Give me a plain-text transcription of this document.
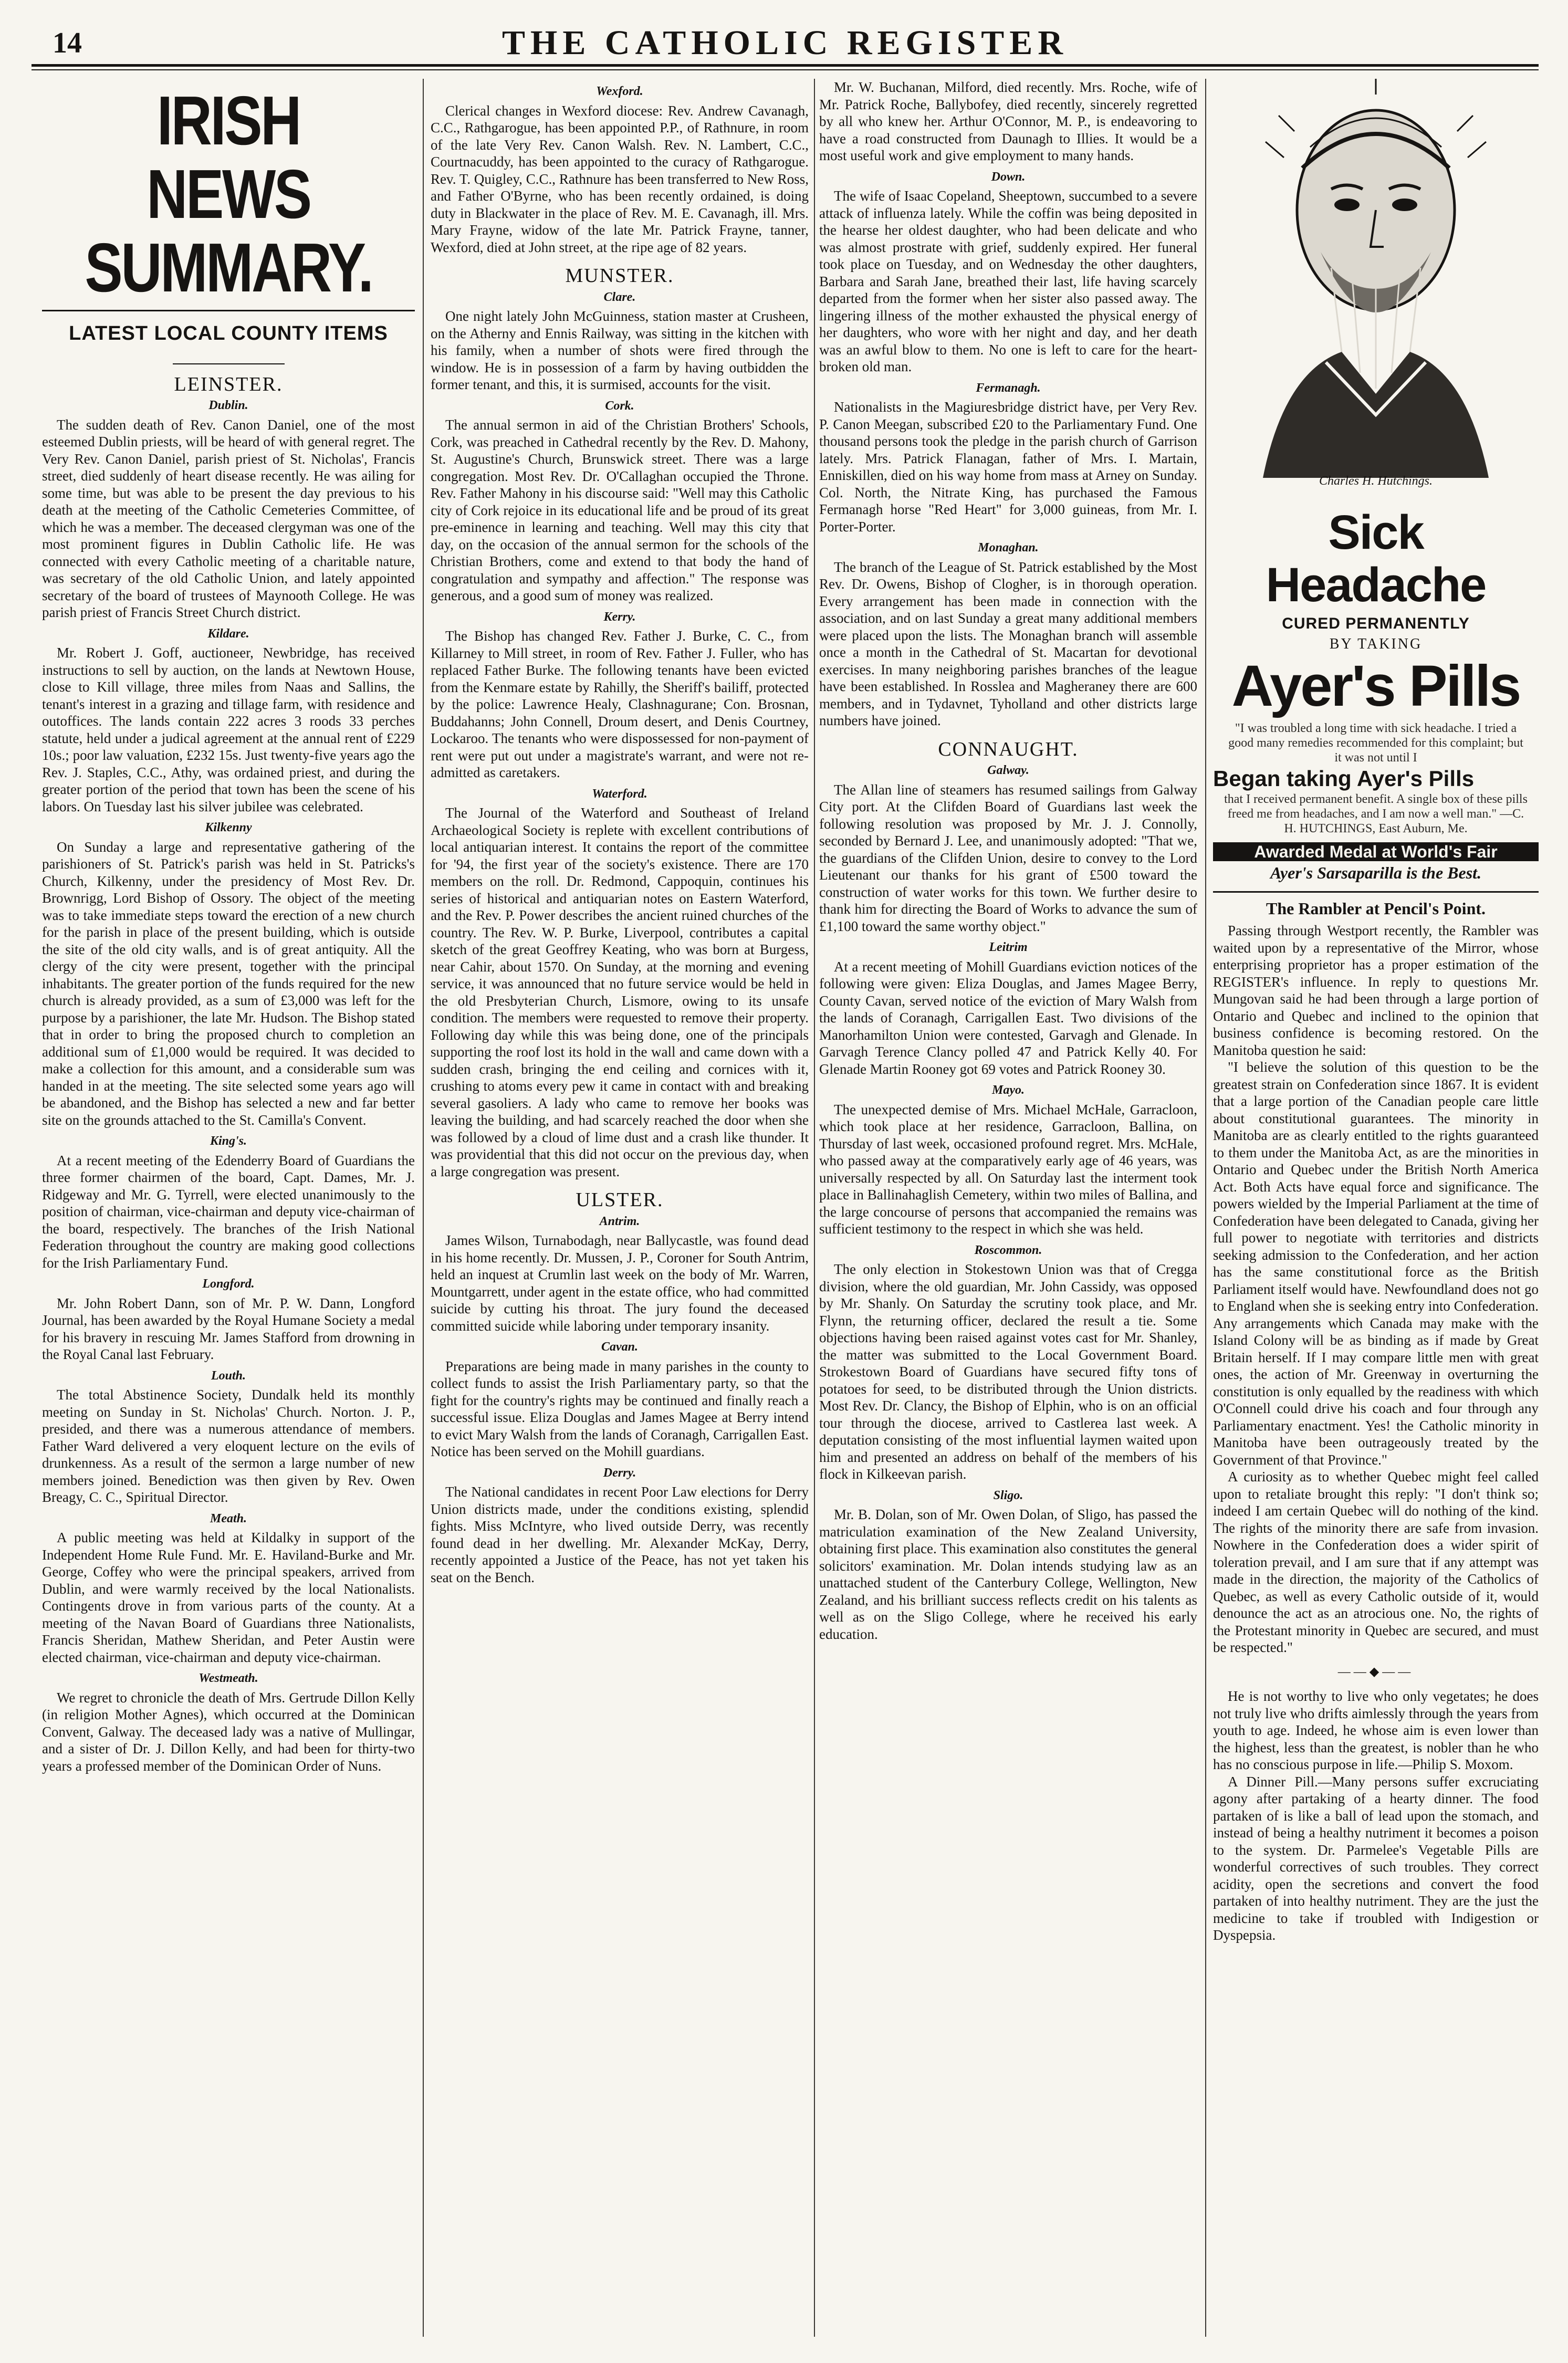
14	THE CATHOLIC REGISTER
IRISH NEWS SUMMARY.
LATEST LOCAL COUNTY ITEMS
LEINSTER.
Dublin.

The sudden death of Rev. Canon Daniel, one of the most esteemed Dublin priests, will be heard of with general regret. The Very Rev. Canon Daniel, parish priest of St. Nicholas', Francis street, died suddenly of heart disease recently. He was ailing for some time, but was able to be present the day previous to his death at the meeting of the Catholic Cemeteries Committee, of which he was a member. The deceased clergyman was one of the most prominent figures in Dublin Catholic life. He was connected with every Catholic meeting of a charitable nature, was secretary of the old Catholic Union, and lately appointed secretary of the board of trustees of Maynooth College. He was parish priest of Francis Street Church district.

Kildare.

Mr. Robert J. Goff, auctioneer, Newbridge, has received instructions to sell by auction, on the lands at Newtown House, close to Kill village, three miles from Naas and Sallins, the tenant's interest in a grazing and tillage farm, with residence and outoffices. The lands contain 222 acres 3 roods 33 perches statute, held under a judical agreement at the annual rent of £229 10s.; poor law valuation, £232 15s. Just twenty-five years ago the Rev. J. Staples, C.C., Athy, was ordained priest, and during the greater portion of the period that town has been the scene of his labors. On Tuesday last his silver jubilee was celebrated.

Kilkenny

On Sunday a large and representative gathering of the parishioners of St. Patrick's parish was held in St. Patricks's Church, Kilkenny, under the presidency of Most Rev. Dr. Brownrigg, Lord Bishop of Ossory. The object of the meeting was to take immediate steps toward the erection of a new church for the parish in place of the present building, which is outside the site of the old city walls, and is of great antiquity. All the clergy of the city were present, together with the principal inhabitants. The greater portion of the funds required for the new church is already provided, as a sum of £3,000 was left for the purpose by a parishioner, the late Mr. Hudson. The Bishop stated that in order to bring the proposed church to completion an additional sum of £1,000 would be required. It was decided to make a collection for this amount, and a considerable sum was handed in at the meeting. The site selected some years ago will be abandoned, and the Bishop has selected a new and far better site on the grounds attached to the St. Camilla's Convent.

King's.

At a recent meeting of the Edenderry Board of Guardians the three former chairmen of the board, Capt. Dames, Mr. J. Ridgeway and Mr. G. Tyrrell, were elected unanimously to the position of chairman, vice-chairman and deputy vice-chairman of the board, respectively. The branches of the Irish National Federation throughout the country are making good collections for the Irish Parliamentary Fund.

Longford.

Mr. John Robert Dann, son of Mr. P. W. Dann, Longford Journal, has been awarded by the Royal Humane Society a medal for his bravery in rescuing Mr. James Stafford from drowning in the Royal Canal last February.

Louth.

The total Abstinence Society, Dundalk held its monthly meeting on Sunday in St. Nicholas' Church. Norton. J. P., presided, and there was a numerous attendance of members. Father Ward delivered a very eloquent lecture on the evils of drunkenness. As a result of the sermon a large number of new members joined. Benediction was then given by Rev. Owen Breagy, C. C., Spiritual Director.

Meath.

A public meeting was held at Kildalky in support of the Independent Home Rule Fund. Mr. E. Haviland-Burke and Mr. George, Coffey who were the principal speakers, arrived from Dublin, and were warmly received by the local Nationalists. Contingents drove in from various parts of the county. At a meeting of the Navan Board of Guardians three Nationalists, Francis Sheridan, Mathew Sheridan, and Peter Austin were elected chairman, vice-chairman and deputy vice-chairman.

Westmeath.

We regret to chronicle the death of Mrs. Gertrude Dillon Kelly (in religion Mother Agnes), which occurred at the Dominican Convent, Galway. The deceased lady was a native of Mullingar, and a sister of Dr. J. Dillon Kelly, and had been for thirty-two years a professed member of the Dominican Order of Nuns.

Wexford.

Clerical changes in Wexford diocese: Rev. Andrew Cavanagh, C.C., Rathgarogue, has been appointed P.P., of Rathnure, in room of the late Very Rev. Canon Walsh. Rev. N. Lambert, C.C., Courtnacuddy, has been appointed to the curacy of Rathgarogue. Rev. T. Quigley, C.C., Rathnure has been transferred to New Ross, and Father O'Byrne, who has been recently ordained, is doing duty in Blackwater in the place of Rev. M. E. Cavanagh, ill. Mrs. Mary Frayne, widow of the late Mr. Patrick Frayne, tanner, Wexford, died at John street, at the ripe age of 82 years.

MUNSTER.
Clare.

One night lately John McGuinness, station master at Crusheen, on the Atherny and Ennis Railway, was sitting in the kitchen with his family, when a number of shots were fired through the window. He is in possession of a farm by having outbidden the former tenant, and this, it is surmised, accounts for the visit.

Cork.

The annual sermon in aid of the Christian Brothers' Schools, Cork, was preached in Cathedral recently by the Rev. D. Mahony, St. Augustine's Church, Brunswick street. There was a large congregation. Most Rev. Dr. O'Callaghan occupied the Throne. Rev. Father Mahony in his discourse said: "Well may this Catholic city of Cork rejoice in its educational life and be proud of its great pre-eminence in learning and teaching. Well may this city that day, on the occasion of the annual sermon for the schools of the Christian Brothers, come and extend to that body the hand of congratulation and sympathy and affection." The response was generous, and a good sum of money was realized.

Kerry.

The Bishop has changed Rev. Father J. Burke, C. C., from Killarney to Mill street, in room of Rev. Father J. Fuller, who has replaced Father Burke. The following tenants have been evicted from the Kenmare estate by Rahilly, the Sheriff's bailiff, protected by the police: Lawrence Healy, Clashnagurane; Con. Brosnan, Buddahanns; John Connell, Droum desert, and Denis Courtney, Lockaroo. The tenants who were dispossessed for non-payment of rent were put out under a magistrate's warrant, and were not re-admitted as caretakers.

Waterford.

The Journal of the Waterford and Southeast of Ireland Archaeological Society is replete with excellent contributions of local antiquarian interest. It contains the report of the committee for '94, the first year of the society's existence. There are 170 members on the roll. Dr. Redmond, Cappoquin, continues his series of historical and antiquarian notes on Eastern Waterford, and the Rev. P. Power describes the ancient ruined churches of the country. The Rev. W. P. Burke, Liverpool, contributes a capital sketch of the great Geoffrey Keating, who was born at Burgess, near Cahir, about 1570. On Sunday, at the morning and evening service, it was announced that no future service would be held in the old Presbyterian Church, Lismore, owing to its unsafe condition. The members were requested to remove their property. Following day while this was being done, one of the principals supporting the roof lost its hold in the wall and came down with a sudden crash, bringing the end ceiling and cornices with it, crushing to atoms every pew it came in contact with and breaking several gasoliers. A lady who came to remove her books was leaving the building, and had scarcely reached the door when she was followed by a cloud of lime dust and a crash like thunder. It was providential that this did not occur on the previous day, when a large congregation was present.

ULSTER.
Antrim.

James Wilson, Turnabodagh, near Ballycastle, was found dead in his home recently. Dr. Mussen, J. P., Coroner for South Antrim, held an inquest at Crumlin last week on the body of Mr. Warren, Mountgarrett, under agent in the estate office, who had committed suicide by cutting his throat. The jury found the deceased committed suicide while laboring under temporary insanity.

Cavan.

Preparations are being made in many parishes in the county to collect funds to assist the Irish Parliamentary party, so that the fight for the country's rights may be continued and finally reach a successful issue. Eliza Douglas and James Magee at Berry intend to evict Mary Walsh from the lands of Coranagh, Carrigallen East. Notice has been served on the Mohill guardians.

Derry.

The National candidates in recent Poor Law elections for Derry Union districts made, under the conditions existing, splendid fights. Miss McIntyre, who lived outside Derry, was recently found dead in her dwelling. Mr. Alexander McKay, Derry, recently appointed a Justice of the Peace, has not yet taken his seat on the Bench.

Mr. W. Buchanan, Milford, died recently. Mrs. Roche, wife of Mr. Patrick Roche, Ballybofey, died recently, sincerely regretted by all who knew her. Arthur O'Connor, M. P., is endeavoring to have a road constructed from Daunagh to Illies. It would be a most useful work and give employment to many hands.

Down.

The wife of Isaac Copeland, Sheeptown, succumbed to a severe attack of influenza lately. While the coffin was being deposited in the hearse her oldest daughter, who had been delicate and who was almost prostrate with grief, suddenly expired. Her funeral took place on Tuesday, and on Wednesday the other daughters, Barbara and Sarah Jane, breathed their last, life having scarcely departed from the former when her sister also passed away. The lingering illness of the mother exhausted the physical energy of her daughters, who wore with her night and day, and her death was an awful blow to them. No one is left to care for the heart-broken old man.

Fermanagh.

Nationalists in the Magiuresbridge district have, per Very Rev. P. Canon Meegan, subscribed £20 to the Parliamentary Fund. One thousand persons took the pledge in the parish church of Garrison lately. Mrs. Patrick Flanagan, father of Mrs. I. Martain, Enniskillen, died on his way home from mass at Arney on Sunday. Col. North, the Nitrate King, has purchased the Famous Fermanagh horse "Red Heart" for 3,000 guineas, from Mr. I. Porter-Porter.

Monaghan.

The branch of the League of St. Patrick established by the Most Rev. Dr. Owens, Bishop of Clogher, is in thorough operation. Every arrangement has been made in connection with the association, and on last Sunday a great many additional members were placed upon the lists. The Monaghan branch will assemble once a month in the Cathedral of St. Macartan for devotional exercises. In many neighboring parishes branches of the league have been established. In Rosslea and Magheraney there are 600 members, and in Tydavnet, Tyholland and other districts large numbers have joined.

CONNAUGHT.
Galway.

The Allan line of steamers has resumed sailings from Galway City port. At the Clifden Board of Guardians last week the following resolution was proposed by Mr. J. J. Connolly, seconded by Bernard J. Lee, and unanimously adopted: "That we, the guardians of the Clifden Union, desire to convey to the Lord Lieutenant our thanks for his grant of £500 toward the construction of water works for this town. We further desire to thank him for directing the Board of Works to advance the sum of £1,100 toward the same worthy object."

Leitrim

At a recent meeting of Mohill Guardians eviction notices of the following were given: Eliza Douglas, and James Magee Berry, County Cavan, served notice of the eviction of Mary Walsh from the lands of Coranagh, Carrigallen East. Two divisions of the Manorhamilton Union were contested, Garvagh and Glenade. In Garvagh Terence Clancy polled 47 and Patrick Kelly 40. For Glenade Martin Rooney got 69 votes and Patrick Rooney 30.

Mayo.

The unexpected demise of Mrs. Michael McHale, Garracloon, which took place at her residence, Garracloon, Ballina, on Thursday of last week, occasioned profound regret. Mrs. McHale, who passed away at the comparatively early age of 46 years, was universally respected by all. On Saturday last the interment took place in Ballinahaglish Cemetery, within two miles of Ballina, and the large concourse of persons that accompanied the remains was sufficient testimony to the respect in which she was held.

Roscommon.

The only election in Stokestown Union was that of Cregga division, where the old guardian, Mr. John Cassidy, was opposed by Mr. Shanly. On Saturday the scrutiny took place, and Mr. Flynn, the returning officer, declared the result a tie. Some objections having been raised against votes cast for Mr. Shanley, the matter was submitted to the Local Government Board. Strokestown Board of Guardians have secured fifty tons of potatoes for seed, to be distributed through the Union districts. Most Rev. Dr. Clancy, the Bishop of Elphin, who is on an official tour through the diocese, arrived to Castlerea last week. A deputation consisting of the most influential laymen waited upon him and presented an address on behalf of the members of his flock in Kilkeevan parish.

Sligo.

Mr. B. Dolan, son of Mr. Owen Dolan, of Sligo, has passed the matriculation examination of the New Zealand University, obtaining first place. This examination also constitutes the general solicitors' examination. Mr. Dolan intends studying law as an unattached student of the Canterbury College, Wellington, New Zealand, and his brilliant success reflects credit on his talents as well as on the Sligo College, where he received his early education.

Charles H. Hutchings.
Sick Headache
CURED PERMANENTLY
BY TAKING
Ayer's Pills
"I was troubled a long time with sick headache. I tried a good many remedies recommended for this complaint; but it was not until I
Began taking Ayer's Pills
that I received permanent benefit. A single box of these pills freed me from headaches, and I am now a well man." —C. H. HUTCHINGS, East Auburn, Me.
Awarded Medal at World's Fair
Ayer's Sarsaparilla is the Best.
The Rambler at Pencil's Point.

Passing through Westport recently, the Rambler was waited upon by a representative of the Mirror, whose enterprising proprietor has a proper estimation of the REGISTER's influence. In reply to questions Mr. Mungovan said he had been through a large portion of Ontario and Quebec and inclined to the opinion that business confidence is becoming restored. On the Manitoba question he said:

"I believe the solution of this question to be the greatest strain on Confederation since 1867. It is evident that a large portion of the Canadian people care little about constitutional guarantees. The minority in Manitoba are as clearly entitled to the rights guaranteed to them under the Manitoba Act, as are the minorities in Ontario and Quebec under the British North America Act. Both Acts have equal force and significance. The powers wielded by the Imperial Parliament at the time of Confederation have been delegated to Canada, giving her full power to negotiate with territories and districts seeking admission to the Confederation, and her action has the same constitutional force as the British Parliament itself would have. Newfoundland does not go to England when she is seeking entry into Confederation. Any arrangements which Canada may make with the Island Colony will be as binding as if made by Great Britain herself. If I may compare little men with great ones, the action of Mr. Greenway in overturning the constitution is only equalled by the readiness with which O'Connell could drive his coach and four through any Parliamentary enactment. Yes! the Catholic minority in Manitoba have been outrageously treated by the Government of that Province."

A curiosity as to whether Quebec might feel called upon to retaliate brought this reply: "I don't think so; indeed I am certain Quebec will do nothing of the kind. The rights of the minority there are safe from invasion. Nowhere in the Confederation does a wider spirit of toleration prevail, and I am sure that if any attempt was made in the direction, the majority of the Catholics of Quebec, as well as every Catholic outside of it, would denounce the act as an atrocious one. No, the rights of the Protestant minority in Quebec are secured, and must be respected."

——◆——

He is not worthy to live who only vegetates; he does not truly live who drifts aimlessly through the years from youth to age. Indeed, he whose aim is even lower than the highest, less than the greatest, is nobler than he who has no conscious purpose in life.—Philip S. Moxom.

A Dinner Pill.—Many persons suffer excruciating agony after partaking of a hearty dinner. The food partaken of is like a ball of lead upon the stomach, and instead of being a healthy nutriment it becomes a poison to the system. Dr. Parmelee's Vegetable Pills are wonderful correctives of such troubles. They correct acidity, open the secretions and convert the food partaken of into healthy nutriment. They are the just the medicine to take if troubled with Indigestion or Dyspepsia.
